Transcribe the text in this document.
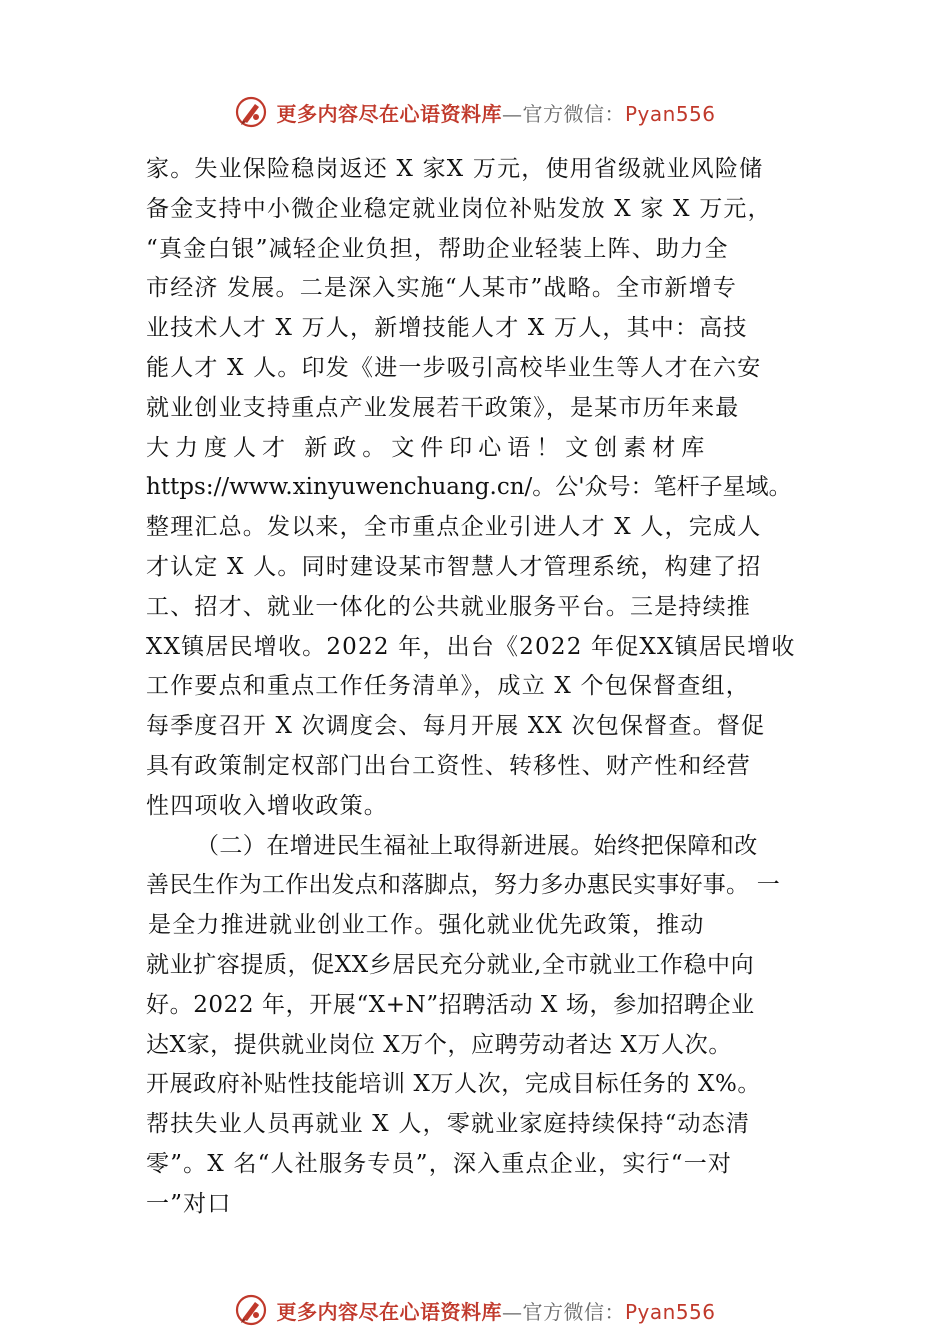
更多内容尽在心语资料库—官方微信：Pyan556
家。失业保险稳岗返还 X 家X 万元，使用省级就业风险储
备金支持中小微企业稳定就业岗位补贴发放 X 家 X 万元，
“真金白银”减轻企业负担，帮助企业轻装上阵、助力全
市经济 发展。二是深入实施“人某市”战略。全市新增专
业技术人才 X 万人，新增技能人才 X 万人，其中：高技
能人才 X 人。印发《进一步吸引高校毕业生等人才在六安
就业创业支持重点产业发展若干政策》，是某市历年来最
大力度人才 新政。文件印心语！文创素材库
https://www.xinyuwenchuang.cn/。公'众号：笔杆子星域。
整理汇总。发以来，全市重点企业引进人才 X 人，完成人
才认定 X 人。同时建设某市智慧人才管理系统，构建了招
工、招才、就业一体化的公共就业服务平台。三是持续推
XX镇居民增收。2022 年，出台《2022 年促XX镇居民增收
工作要点和重点工作任务清单》，成立 X 个包保督查组，
每季度召开 X 次调度会、每月开展 XX 次包保督查。督促
具有政策制定权部门出台工资性、转移性、财产性和经营
性四项收入增收政策。
（二）在增进民生福祉上取得新进展。始终把保障和改
善民生作为工作出发点和落脚点，努力多办惠民实事好事。 一
是全力推进就业创业工作。强化就业优先政策，推动
就业扩容提质，促XX乡居民充分就业,全市就业工作稳中向
好。2022 年，开展“X+N”招聘活动 X 场，参加招聘企业
达X家，提供就业岗位 X万个，应聘劳动者达 X万人次。
开展政府补贴性技能培训 X万人次，完成目标任务的 X%。
帮扶失业人员再就业 X 人，零就业家庭持续保持“动态清
零”。X 名“人社服务专员”，深入重点企业，实行“一对
一”对口
更多内容尽在心语资料库—官方微信：Pyan556
